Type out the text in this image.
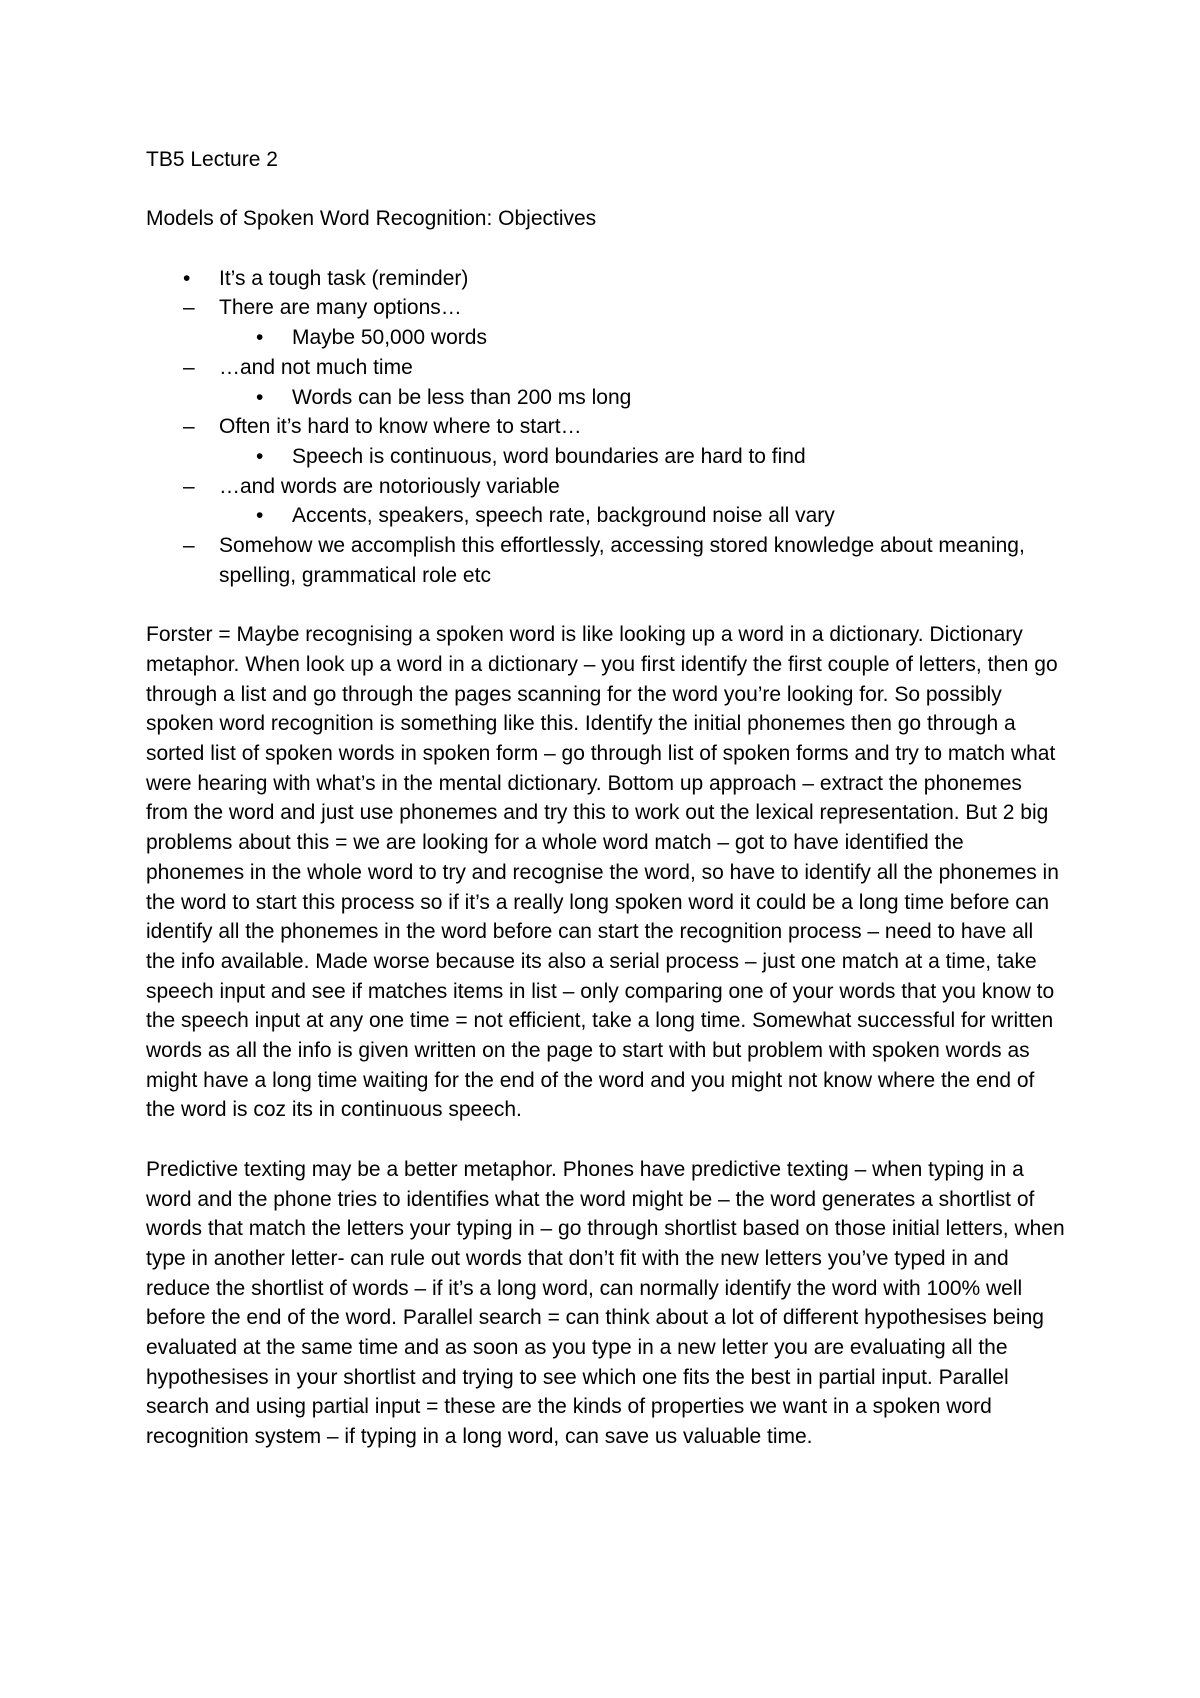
TB5 Lecture 2

Models of Spoken Word Recognition: Objectives

• It’s a tough task (reminder)
– There are many options…
• Maybe 50,000 words
– …and not much time
• Words can be less than 200 ms long
– Often it’s hard to know where to start…
• Speech is continuous, word boundaries are hard to find
– …and words are notoriously variable
• Accents, speakers, speech rate, background noise all vary
– Somehow we accomplish this effortlessly, accessing stored knowledge about meaning, spelling, grammatical role etc

Forster = Maybe recognising a spoken word is like looking up a word in a dictionary. Dictionary metaphor. When look up a word in a dictionary – you first identify the first couple of letters, then go through a list and go through the pages scanning for the word you’re looking for. So possibly spoken word recognition is something like this. Identify the initial phonemes then go through a sorted list of spoken words in spoken form – go through list of spoken forms and try to match what were hearing with what’s in the mental dictionary. Bottom up approach – extract the phonemes from the word and just use phonemes and try this to work out the lexical representation. But 2 big problems about this = we are looking for a whole word match – got to have identified the phonemes in the whole word to try and recognise the word, so have to identify all the phonemes in the word to start this process so if it’s a really long spoken word it could be a long time before can identify all the phonemes in the word before can start the recognition process – need to have all the info available. Made worse because its also a serial process – just one match at a time, take speech input and see if matches items in list – only comparing one of your words that you know to the speech input at any one time = not efficient, take a long time. Somewhat successful for written words as all the info is given written on the page to start with but problem with spoken words as might have a long time waiting for the end of the word and you might not know where the end of the word is coz its in continuous speech.

Predictive texting may be a better metaphor. Phones have predictive texting – when typing in a word and the phone tries to identifies what the word might be – the word generates a shortlist of words that match the letters your typing in – go through shortlist based on those initial letters, when type in another letter- can rule out words that don’t fit with the new letters you’ve typed in and reduce the shortlist of words – if it’s a long word, can normally identify the word with 100% well before the end of the word. Parallel search = can think about a lot of different hypothesises being evaluated at the same time and as soon as you type in a new letter you are evaluating all the hypothesises in your shortlist and trying to see which one fits the best in partial input. Parallel search and using partial input = these are the kinds of properties we want in a spoken word recognition system – if typing in a long word, can save us valuable time.
